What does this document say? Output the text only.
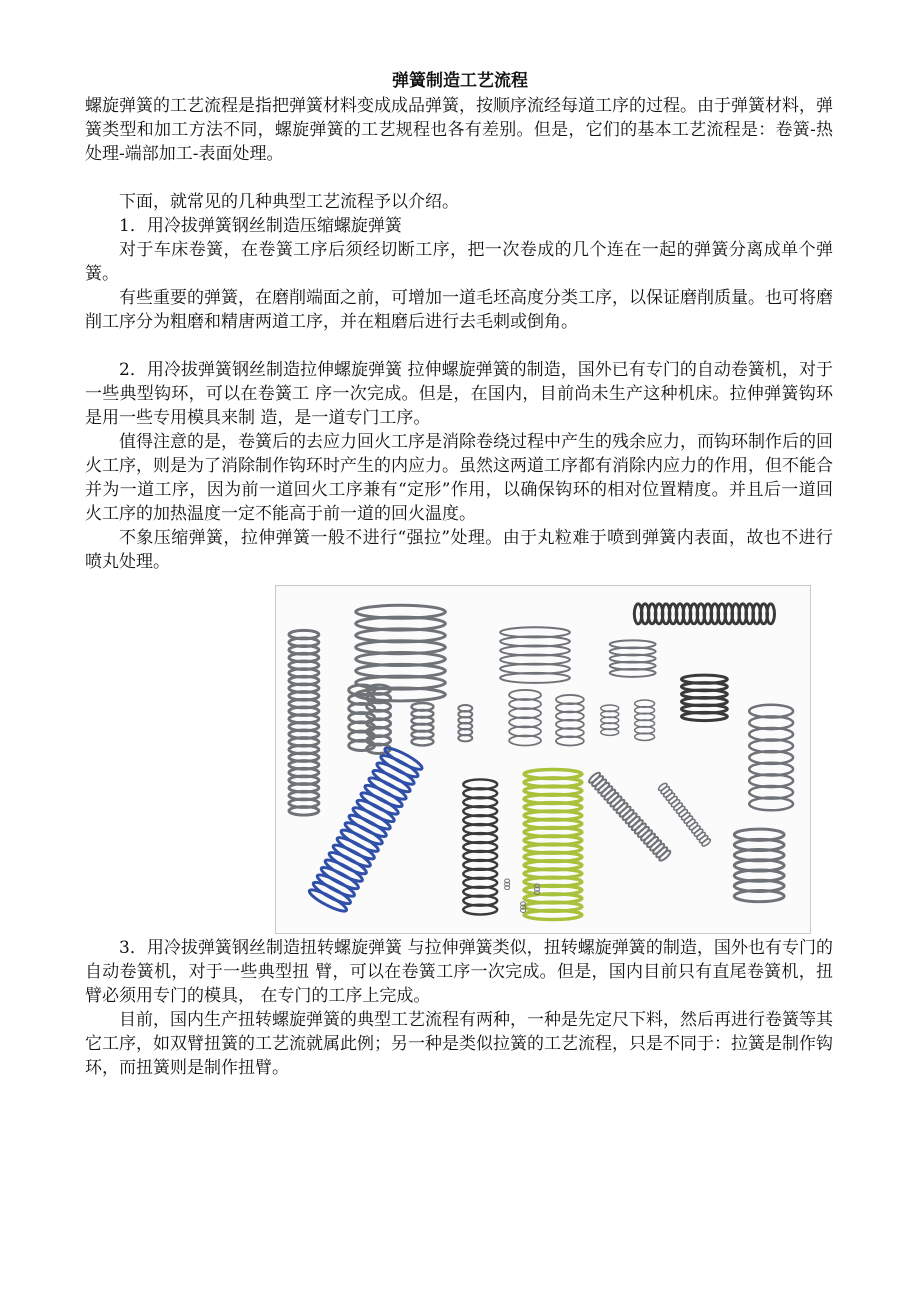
弹簧制造工艺流程

螺旋弹簧的工艺流程是指把弹簧材料变成成品弹簧，按顺序流经每道工序的过程。由于弹簧材料，弹簧类型和加工方法不同，螺旋弹簧的工艺规程也各有差别。但是，它们的基本工艺流程是：卷簧-热处理-端部加工-表面处理。

下面，就常见的几种典型工艺流程予以介绍。

1．用冷拔弹簧钢丝制造压缩螺旋弹簧

对于车床卷簧，在卷簧工序后须经切断工序，把一次卷成的几个连在一起的弹簧分离成单个弹簧。

有些重要的弹簧，在磨削端面之前，可增加一道毛坯高度分类工序，以保证磨削质量。也可将磨削工序分为粗磨和精唐两道工序，并在粗磨后进行去毛刺或倒角。

2．用冷拔弹簧钢丝制造拉伸螺旋弹簧 拉伸螺旋弹簧的制造，国外已有专门的自动卷簧机，对于一些典型钩环，可以在卷簧工 序一次完成。但是，在国内，目前尚未生产这种机床。拉伸弹簧钩环是用一些专用模具来制 造，是一道专门工序。

值得注意的是，卷簧后的去应力回火工序是消除卷绕过程中产生的残余应力，而钩环制作后的回火工序，则是为了消除制作钩环时产生的内应力。虽然这两道工序都有消除内应力的作用，但不能合并为一道工序，因为前一道回火工序兼有“定形”作用，以确保钩环的相对位置精度。并且后一道回火工序的加热温度一定不能高于前一道的回火温度。

不象压缩弹簧，拉伸弹簧一般不进行“强拉”处理。由于丸粒难于喷到弹簧内表面，故也不进行喷丸处理。

3．用冷拔弹簧钢丝制造扭转螺旋弹簧 与拉伸弹簧类似，扭转螺旋弹簧的制造，国外也有专门的自动卷簧机，对于一些典型扭 臂，可以在卷簧工序一次完成。但是，国内目前只有直尾卷簧机，扭臂必须用专门的模具， 在专门的工序上完成。

目前，国内生产扭转螺旋弹簧的典型工艺流程有两种，一种是先定尺下料，然后再进行卷簧等其它工序，如双臂扭簧的工艺流就属此例；另一种是类似拉簧的工艺流程，只是不同于：拉簧是制作钩环，而扭簧则是制作扭臂。
